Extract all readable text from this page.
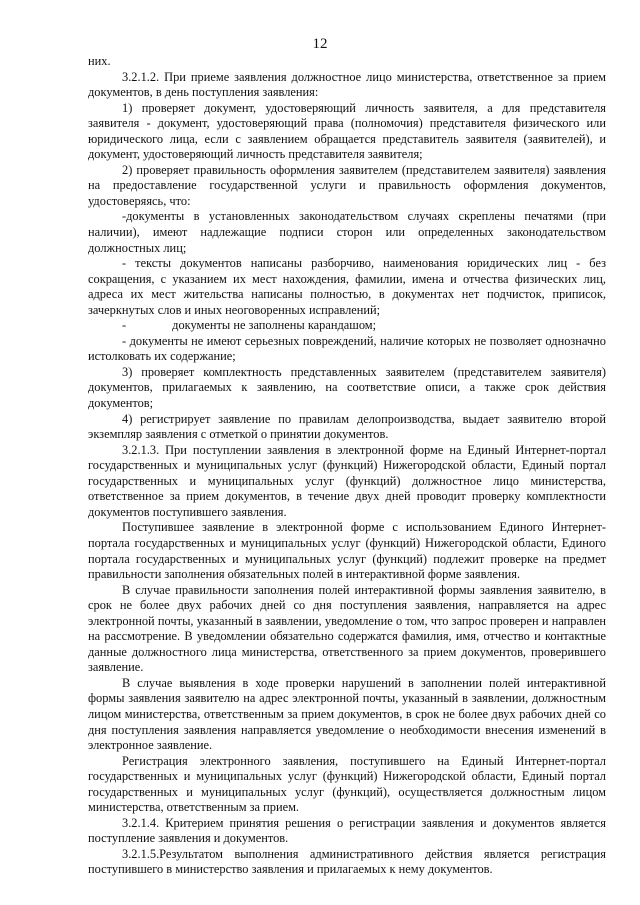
12

них.

3.2.1.2. При приеме заявления должностное лицо министерства, ответственное за прием документов, в день поступления заявления:

1) проверяет документ, удостоверяющий личность заявителя, а для представителя заявителя - документ, удостоверяющий права (полномочия) представителя физического или юридического лица, если с заявлением обращается представитель заявителя (заявителей), и документ, удостоверяющий личность представителя заявителя;

2) проверяет правильность оформления заявителем (представителем заявителя) заявления на предоставление государственной услуги и правильность оформления документов, удостоверяясь, что:

-документы в установленных законодательством случаях скреплены печатями (при наличии), имеют надлежащие подписи сторон или определенных законодательством должностных лиц;

- тексты документов написаны разборчиво, наименования юридических лиц - без сокращения, с указанием их мест нахождения, фамилии, имена и отчества физических лиц, адреса их мест жительства написаны полностью, в документах нет подчисток, приписок, зачеркнутых слов и иных неоговоренных исправлений;

-	документы не заполнены карандашом;

- документы не имеют серьезных повреждений, наличие которых не позволяет однозначно истолковать их содержание;

3) проверяет комплектность представленных заявителем (представителем заявителя) документов, прилагаемых к заявлению, на соответствие описи, а также срок действия документов;

4) регистрирует заявление по правилам делопроизводства, выдает заявителю второй экземпляр заявления с отметкой о принятии документов.

3.2.1.3. При поступлении заявления в электронной форме на Единый Интернет-портал государственных и муниципальных услуг (функций) Нижегородской области, Единый портал государственных и муниципальных услуг (функций) должностное лицо министерства, ответственное за прием документов, в течение двух дней проводит проверку комплектности документов поступившего заявления.

Поступившее заявление в электронной форме с использованием Единого Интернет-портала государственных и муниципальных услуг (функций) Нижегородской области, Единого портала государственных и муниципальных услуг (функций) подлежит проверке на предмет правильности заполнения обязательных полей в интерактивной форме заявления.

В случае правильности заполнения полей интерактивной формы заявления заявителю, в срок не более двух рабочих дней со дня поступления заявления, направляется на адрес электронной почты, указанный в заявлении, уведомление о том, что запрос проверен и направлен на рассмотрение. В уведомлении обязательно содержатся фамилия, имя, отчество и контактные данные должностного лица министерства, ответственного за прием документов, проверившего заявление.

В случае выявления в ходе проверки нарушений в заполнении полей интерактивной формы заявления заявителю на адрес электронной почты, указанный в заявлении, должностным лицом министерства, ответственным за прием документов, в срок не более двух рабочих дней со дня поступления заявления направляется уведомление о необходимости внесения изменений в электронное заявление.

Регистрация электронного заявления, поступившего на Единый Интернет-портал государственных и муниципальных услуг (функций) Нижегородской области, Единый портал государственных и муниципальных услуг (функций), осуществляется должностным лицом министерства, ответственным за прием.

3.2.1.4. Критерием принятия решения о регистрации заявления и документов является поступление заявления и документов.

3.2.1.5.Результатом выполнения административного действия является регистрация поступившего в министерство заявления и прилагаемых к нему документов.
